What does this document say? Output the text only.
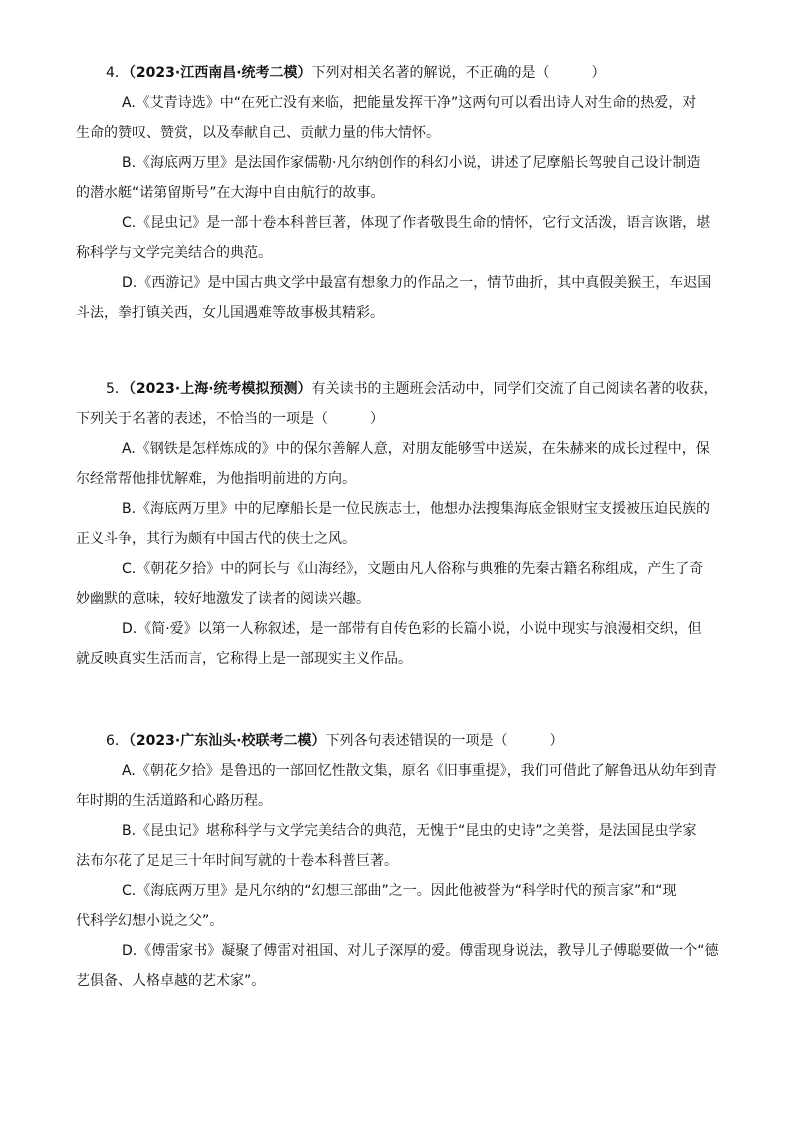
4．（2023·江西南昌·统考二模）下列对相关名著的解说，不正确的是（　　　）
A.《艾青诗选》中“在死亡没有来临，把能量发挥干净”这两句可以看出诗人对生命的热爱，对
生命的赞叹、赞赏，以及奉献自己、贡献力量的伟大情怀。
B.《海底两万里》是法国作家儒勒·凡尔纳创作的科幻小说，讲述了尼摩船长驾驶自己设计制造
的潜水艇“诺第留斯号”在大海中自由航行的故事。
C.《昆虫记》是一部十卷本科普巨著，体现了作者敬畏生命的情怀，它行文活泼，语言诙谐，堪
称科学与文学完美结合的典范。
D.《西游记》是中国古典文学中最富有想象力的作品之一，情节曲折，其中真假美猴王，车迟国
斗法，拳打镇关西，女儿国遇难等故事极其精彩。
5．（2023·上海·统考模拟预测）有关读书的主题班会活动中，同学们交流了自己阅读名著的收获，
下列关于名著的表述，不恰当的一项是（　　　）
A.《钢铁是怎样炼成的》中的保尔善解人意，对朋友能够雪中送炭，在朱赫来的成长过程中，保
尔经常帮他排忧解难，为他指明前进的方向。
B.《海底两万里》中的尼摩船长是一位民族志士，他想办法搜集海底金银财宝支援被压迫民族的
正义斗争，其行为颇有中国古代的侠士之风。
C.《朝花夕拾》中的阿长与《山海经》，文题由凡人俗称与典雅的先秦古籍名称组成，产生了奇
妙幽默的意味，较好地激发了读者的阅读兴趣。
D.《简·爱》以第一人称叙述，是一部带有自传色彩的长篇小说，小说中现实与浪漫相交织，但
就反映真实生活而言，它称得上是一部现实主义作品。
6．（2023·广东汕头·校联考二模）下列各句表述错误的一项是（　　　）
A.《朝花夕拾》是鲁迅的一部回忆性散文集，原名《旧事重提》，我们可借此了解鲁迅从幼年到青
年时期的生活道路和心路历程。
B.《昆虫记》堪称科学与文学完美结合的典范，无愧于“昆虫的史诗”之美誉，是法国昆虫学家
法布尔花了足足三十年时间写就的十卷本科普巨著。
C.《海底两万里》是凡尔纳的“幻想三部曲”之一。因此他被誉为“科学时代的预言家”和“现
代科学幻想小说之父”。
D.《傅雷家书》凝聚了傅雷对祖国、对儿子深厚的爱。傅雷现身说法，教导儿子傅聪要做一个“德
艺俱备、人格卓越的艺术家”。
